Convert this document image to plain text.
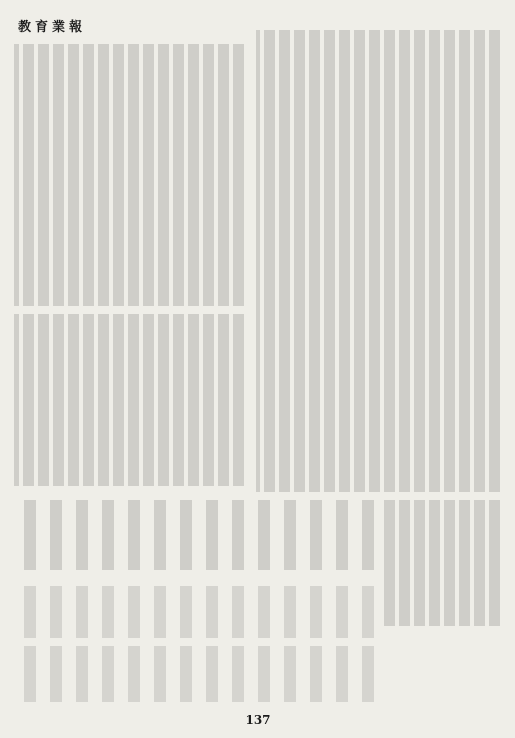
教育業報
137
